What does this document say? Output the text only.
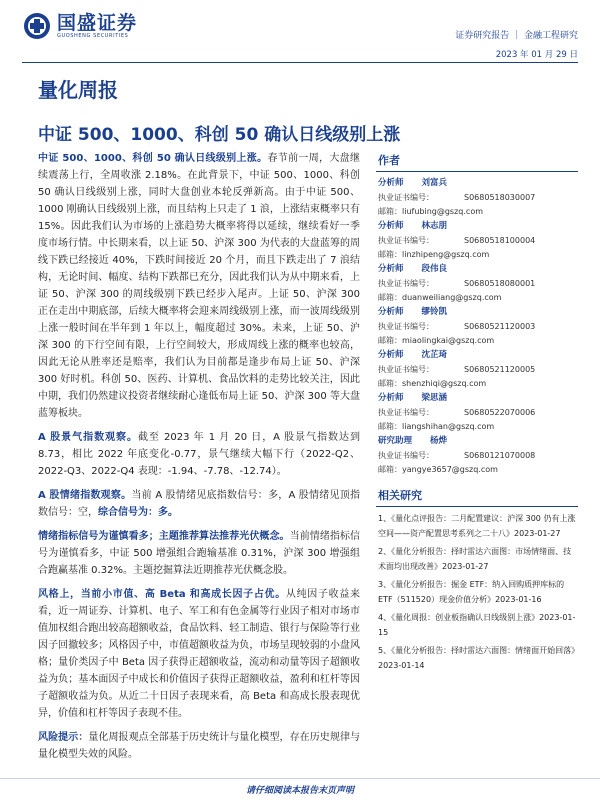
国盛证券
GUOSHENG SECURITIES	证券研究报告 ｜ 金融工程研究
2023 年 01 月 29 日
量化周报
中证 500、1000、科创 50 确认日线级别上涨

中证 500、1000、科创 50 确认日线级别上涨。春节前一周，大盘继续震荡上行，全周收涨 2.18%。在此背景下，中证 500、1000、科创 50 确认日线级别上涨，同时大盘创业本轮反弹新高。由于中证 500、1000 刚确认日线级别上涨，而且结构上只走了 1 浪，上涨结束概率只有 15%。因此我们认为市场的上涨趋势大概率将得以延续，继续看好一季度市场行情。中长期来看，以上证 50、沪深 300 为代表的大盘蓝筹的周线下跌已经接近 40%，下跌时间接近 20 个月，而且下跌走出了 7 浪结构，无论时间、幅度、结构下跌都已充分，因此我们认为从中期来看，上证 50、沪深 300 的周线级别下跌已经步入尾声。上证 50、沪深 300 正在走出中期底部，后续大概率将会迎来周线级别上涨，而一波周线级别上涨一般时间在半年到 1 年以上，幅度超过 30%。未来，上证 50、沪深 300 的下行空间有限，上行空间较大，形成周线上涨的概率也较高，因此无论从胜率还是赔率，我们认为目前都是逢步布局上证 50、沪深 300 好时机。科创 50、医药、计算机、食品饮料的走势比较关注，因此中期，我们仍然建议投资者继续耐心逢低布局上证 50、沪深 300 等大盘蓝筹板块。

A 股景气指数观察。截至 2023 年 1 月 20 日，A 股景气指数达到 8.73，相比 2022 年底变化-0.77，景气继续大幅下行（2022-Q2、2022-Q3、2022-Q4 表现：-1.94、-7.78、-12.74）。

A 股情绪指数观察。当前 A 股情绪见底指数信号：多，A 股情绪见顶指数信号：空，综合信号为：多。

情绪指标信号为谨慎看多；主题推荐算法推荐光伏概念。当前情绪指标信号为谨慎看多，中证 500 增强组合跑输基准 0.31%，沪深 300 增强组合跑赢基准 0.32%。主题挖掘算法近期推荐光伏概念股。

风格上，当前小市值、高 Beta 和高成长因子占优。从纯因子收益来看，近一周证券、计算机、电子、军工和有色金属等行业因子相对市场市值加权组合跑出较高超额收益，食品饮料、轻工制造、银行与保险等行业因子回撤较多；风格因子中，市值超额收益为负，市场呈现较弱的小盘风格；量价类因子中 Beta 因子获得正超额收益，流动和动量等因子超额收益为负；基本面因子中成长和价值因子获得正超额收益，盈利和杠杆等因子超额收益为负。从近二十日因子表现来看，高 Beta 和高成长股表现优异，价值和杠杆等因子表现不佳。

风险提示：量化周报观点全部基于历史统计与量化模型，存在历史规律与量化模型失效的风险。

作者
分析师 刘富兵
执业证书编号：	S0680518030007
邮箱：liufubing@gszq.com
分析师 林志朋
执业证书编号：	S0680518100004
邮箱：linzhipeng@gszq.com
分析师 段伟良
执业证书编号：	S0680518080001
邮箱：duanweiliang@gszq.com
分析师 缪铃凯
执业证书编号：	S0680521120003
邮箱：miaolingkai@gszq.com
分析师 沈芷琦
执业证书编号：	S0680521120005
邮箱：shenzhiqi@gszq.com
分析师 梁思涵
执业证书编号：	S0680522070006
邮箱：liangshihan@gszq.com
研究助理 杨烨
执业证书编号：	S0680121070008
邮箱：yangye3657@gszq.com
相关研究
1、《量化点评报告：二月配置建议：沪深 300 仍有上涨空间——资产配置思考系列之二十八》2023-01-27
2、《量化分析报告：择时雷达六面图：市场情绪面、技术面均出现改善》2023-01-27
3、《量化分析报告：掘金 ETF：纳入回购质押库标的ETF（511520）现金价值分析》2023-01-16
4、《量化周报：创业板指确认日线级别上涨》2023-01-15
5、《量化分析报告：择时雷达六面图：情绪面开始回落》2023-01-14
请仔细阅读本报告末页声明
